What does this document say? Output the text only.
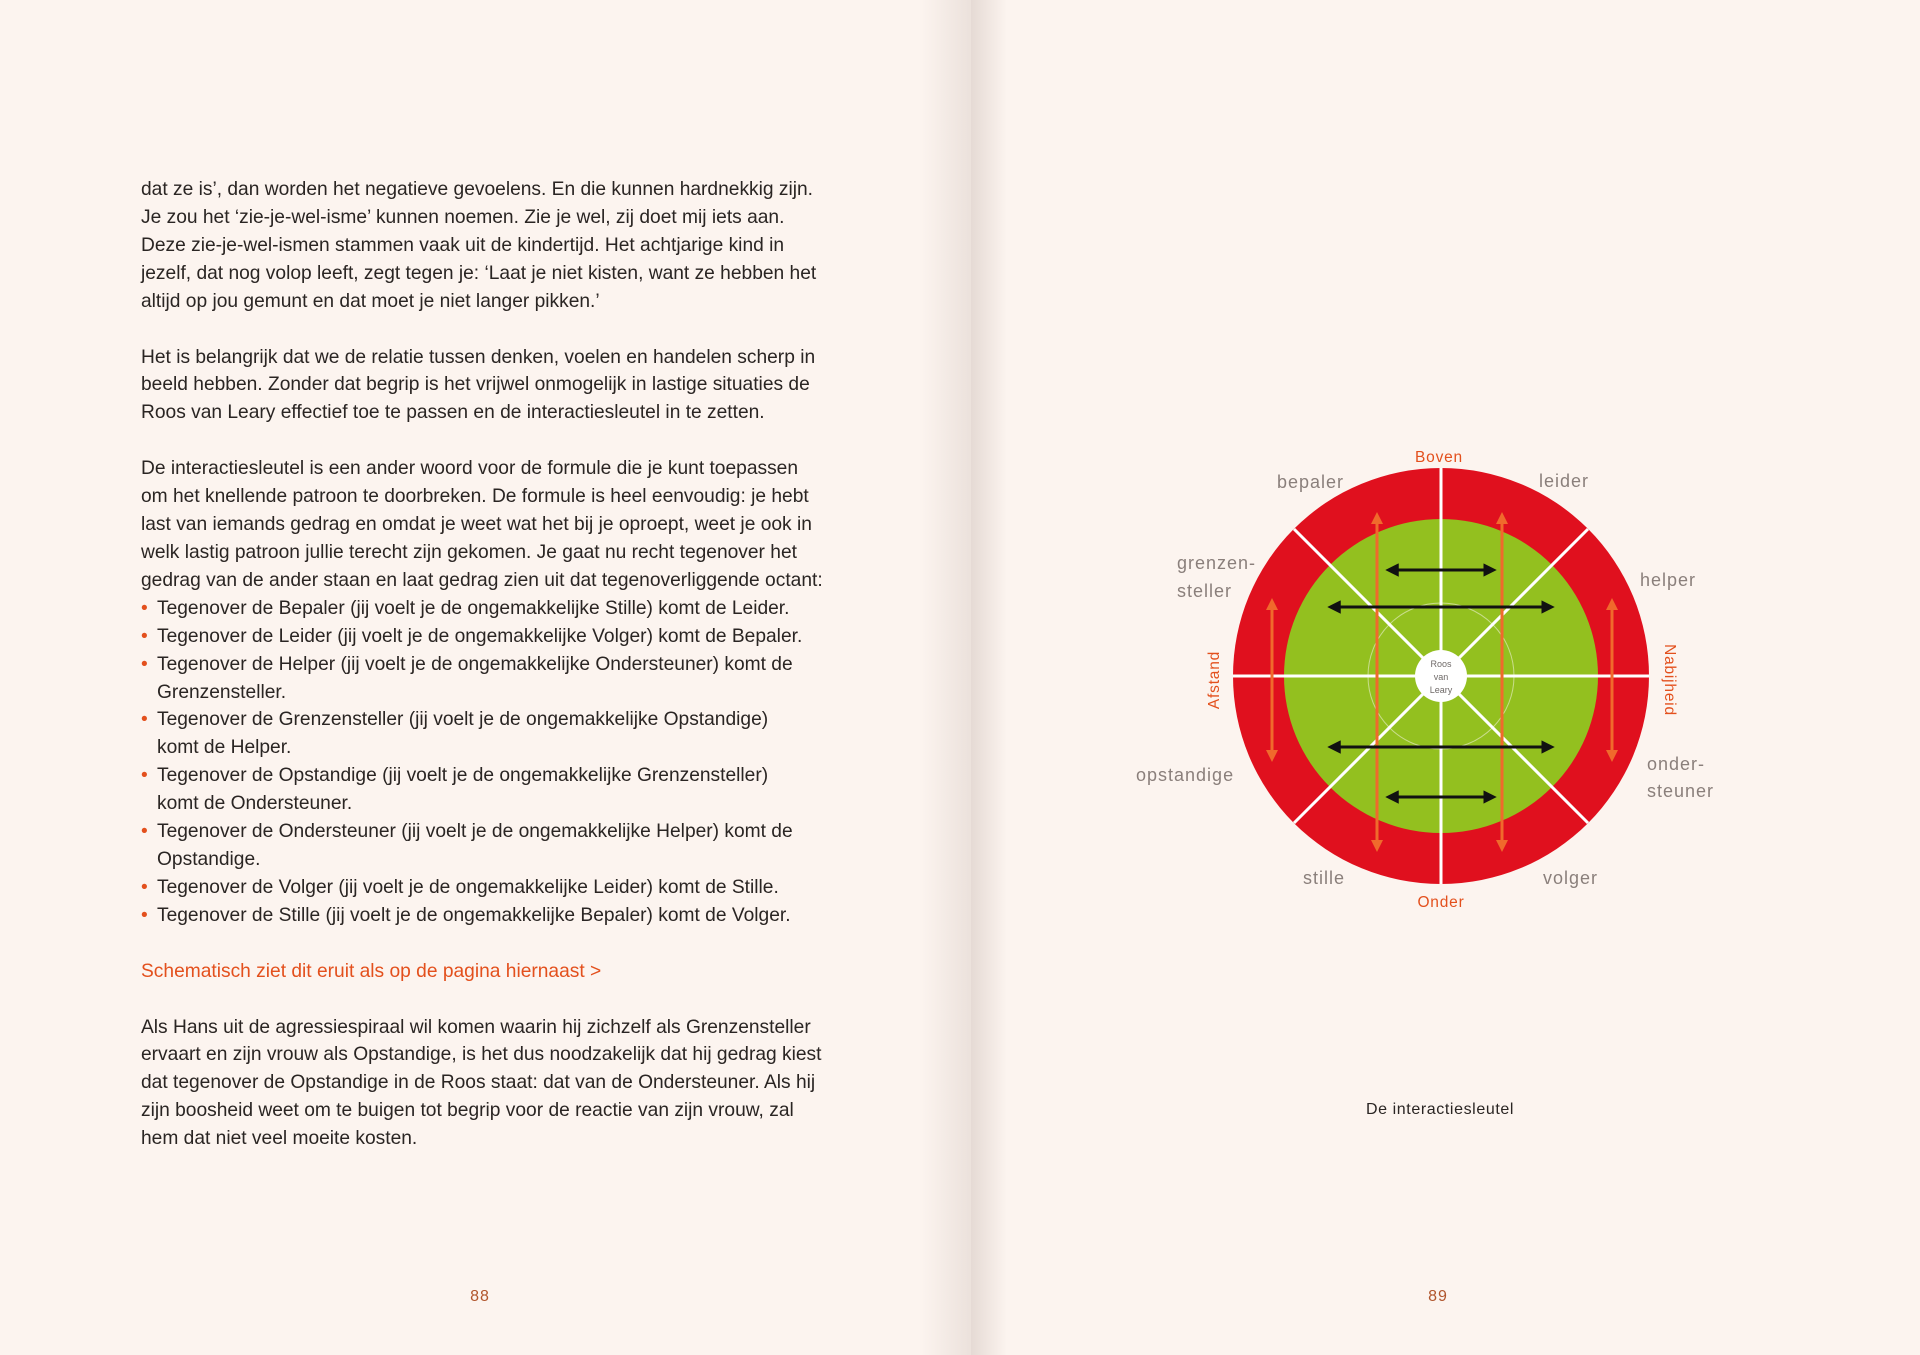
dat ze is’, dan worden het negatieve gevoelens. En die kunnen hardnekkig zijn.
Je zou het ‘zie-je-wel-isme’ kunnen noemen. Zie je wel, zij doet mij iets aan.
Deze zie-je-wel-ismen stammen vaak uit de kindertijd. Het achtjarige kind in
jezelf, dat nog volop leeft, zegt tegen je: ‘Laat je niet kisten, want ze hebben het
altijd op jou gemunt en dat moet je niet langer pikken.’

Het is belangrijk dat we de relatie tussen denken, voelen en handelen scherp in
beeld hebben. Zonder dat begrip is het vrijwel onmogelijk in lastige situaties de
Roos van Leary effectief toe te passen en de interactiesleutel in te zetten.

De interactiesleutel is een ander woord voor de formule die je kunt toepassen
om het knellende patroon te doorbreken. De formule is heel eenvoudig: je hebt
last van iemands gedrag en omdat je weet wat het bij je oproept, weet je ook in
welk lastig patroon jullie terecht zijn gekomen. Je gaat nu recht tegenover het
gedrag van de ander staan en laat gedrag zien uit dat tegenoverliggende octant:

• Tegenover de Bepaler (jij voelt je de ongemakkelijke Stille) komt de Leider.
• Tegenover de Leider (jij voelt je de ongemakkelijke Volger) komt de Bepaler.
• Tegenover de Helper (jij voelt je de ongemakkelijke Ondersteuner) komt de
Grenzensteller.
• Tegenover de Grenzensteller (jij voelt je de ongemakkelijke Opstandige)
komt de Helper.
• Tegenover de Opstandige (jij voelt je de ongemakkelijke Grenzensteller)
komt de Ondersteuner.
• Tegenover de Ondersteuner (jij voelt je de ongemakkelijke Helper) komt de
Opstandige.
• Tegenover de Volger (jij voelt je de ongemakkelijke Leider) komt de Stille.
• Tegenover de Stille (jij voelt je de ongemakkelijke Bepaler) komt de Volger.

Schematisch ziet dit eruit als op de pagina hiernaast >

Als Hans uit de agressiespiraal wil komen waarin hij zichzelf als Grenzensteller
ervaart en zijn vrouw als Opstandige, is het dus noodzakelijk dat hij gedrag kiest
dat tegenover de Opstandige in de Roos staat: dat van de Ondersteuner. Als hij
zijn boosheid weet om te buigen tot begrip voor de reactie van zijn vrouw, zal
hem dat niet veel moeite kosten.

88
Roos
van
Leary
Boven
Onder
Afstand	Nabijheid
bepaler	leider
helper
onder-
steuner
volger
stille
opstandige
grenzen-
steller
De interactiesleutel
89
